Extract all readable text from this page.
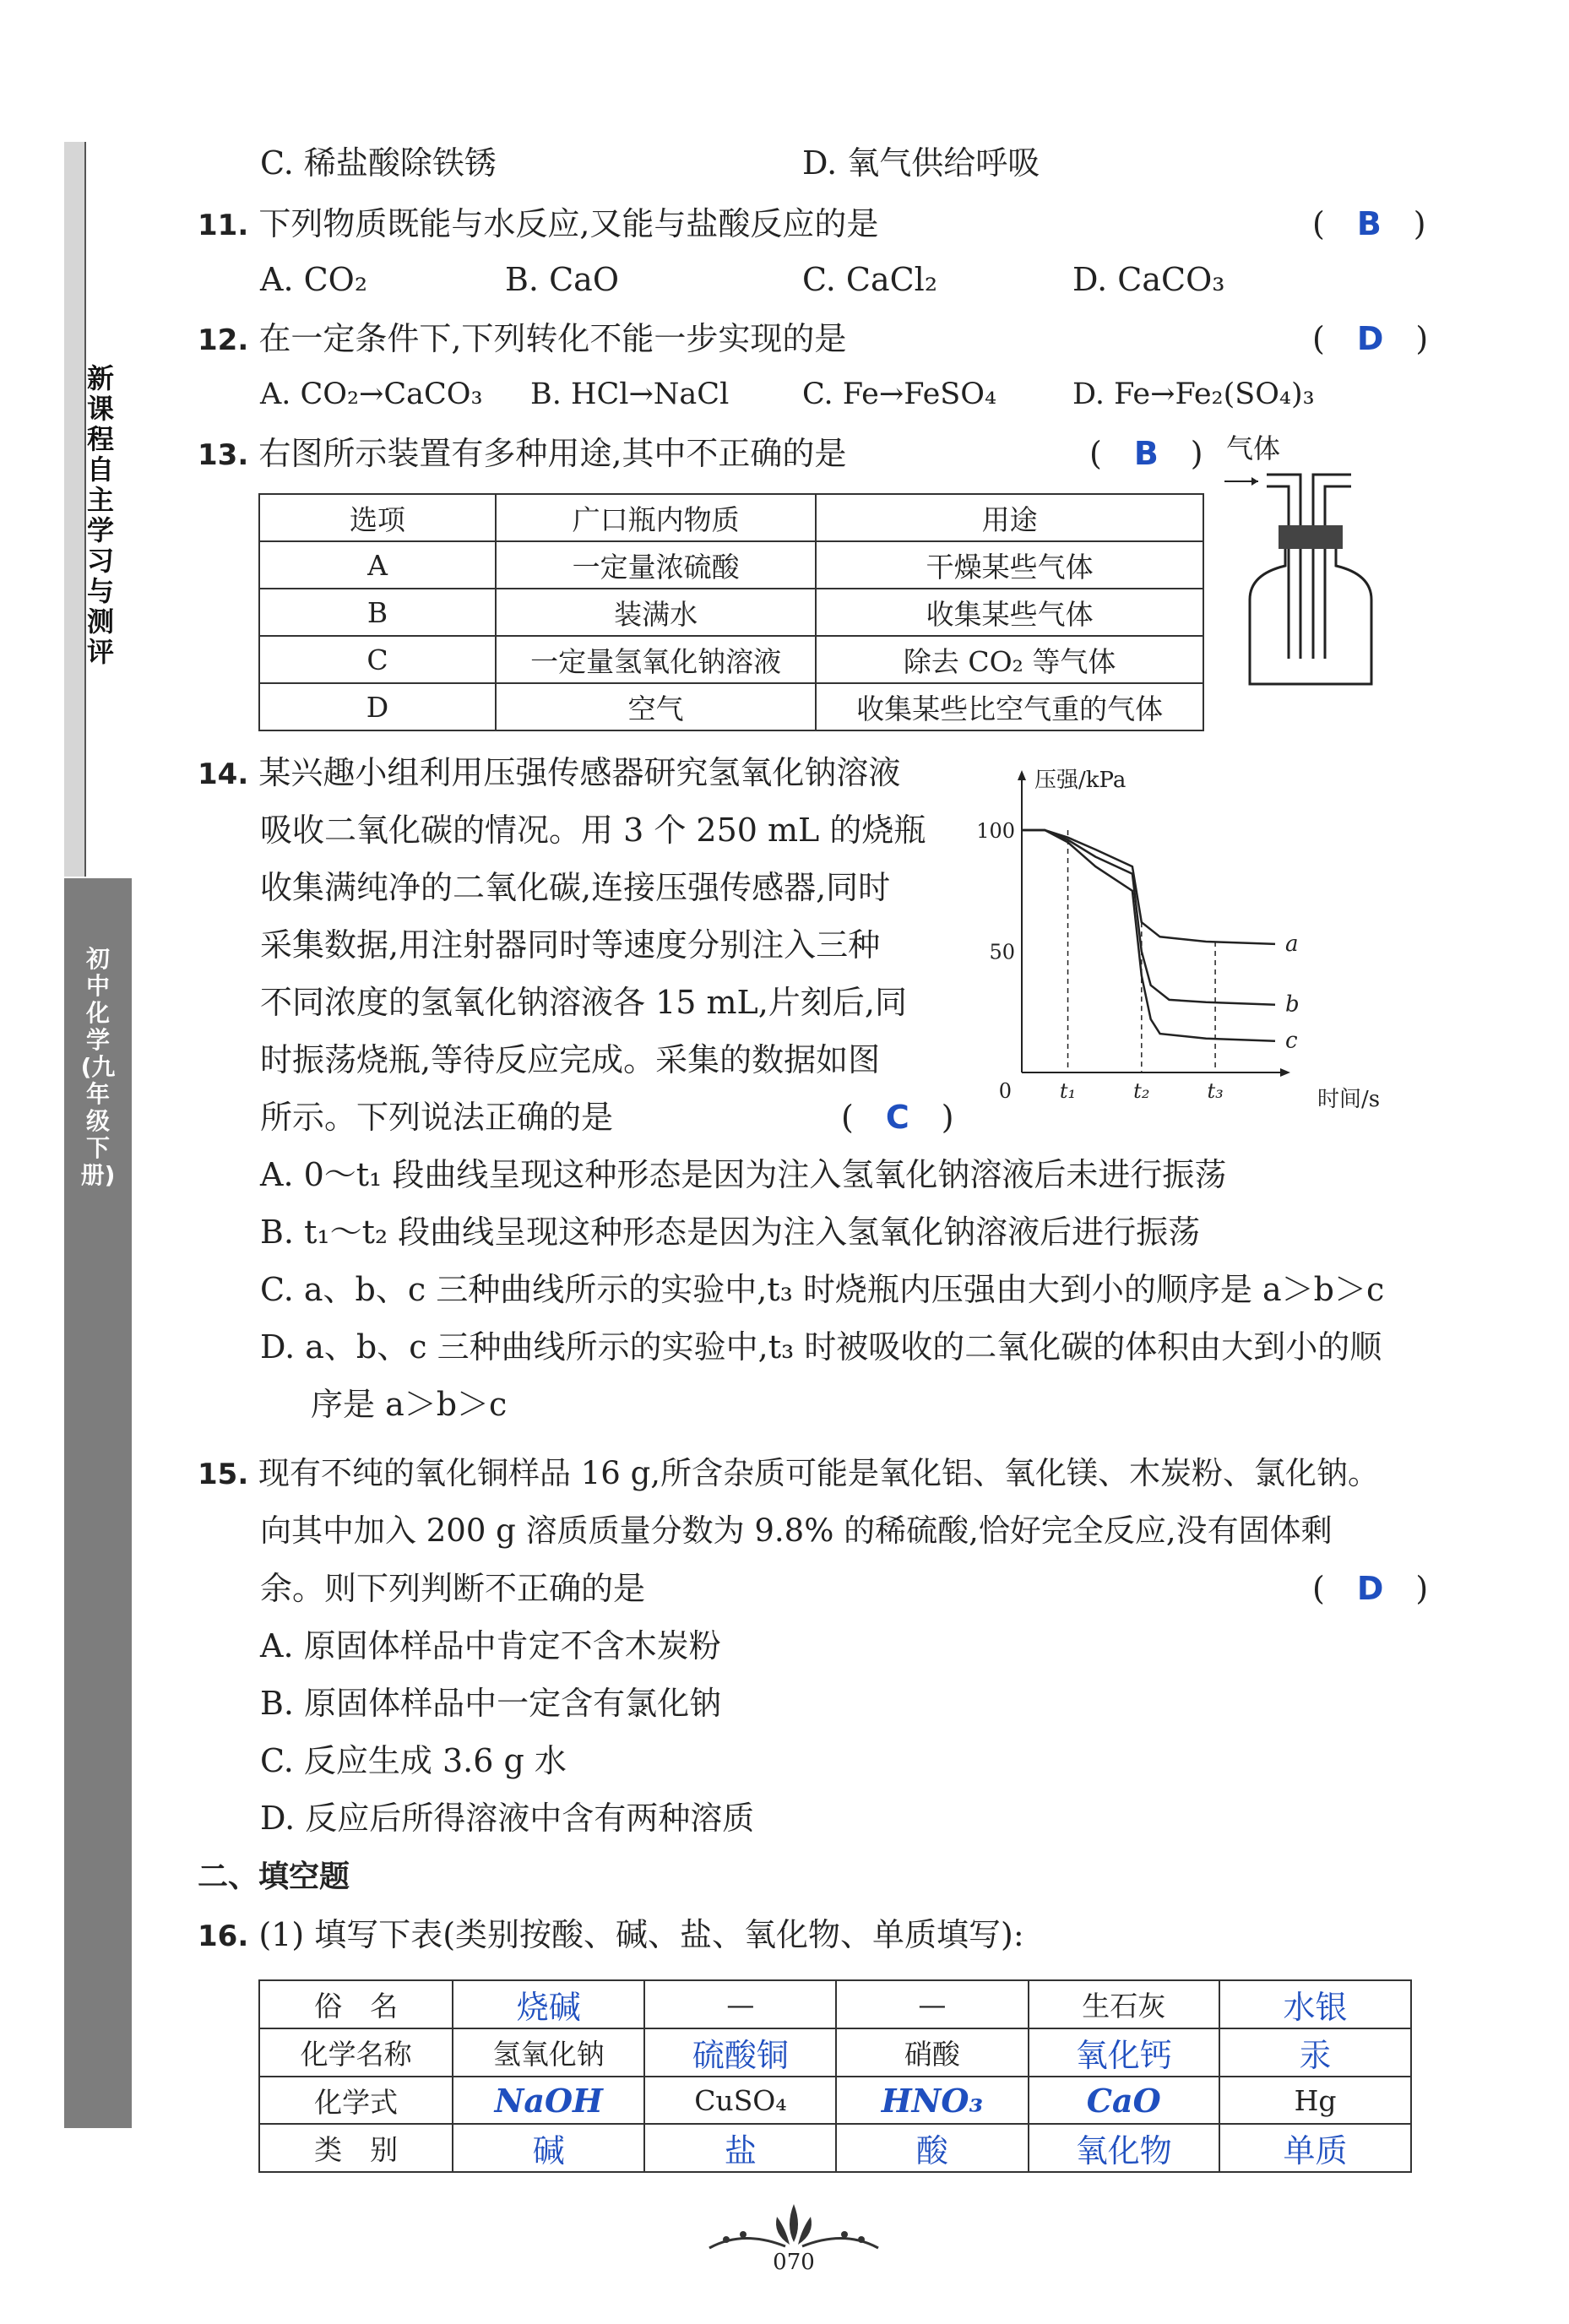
新课程自主学习与测评
初中化学(九年级下册)
C. 稀盐酸除铁锈	D. 氧气供给呼吸
11. 下列物质既能与水反应,又能与盐酸反应的是	(　B　)
A. CO₂	B. CaO	C. CaCl₂	D. CaCO₃
12. 在一定条件下,下列转化不能一步实现的是	(　D　)
A. CO₂→CaCO₃ B. HCl→NaCl C. Fe→FeSO₄	D. Fe→Fe₂(SO₄)₃
13. 右图所示装置有多种用途,其中不正确的是	(　B　) 气体
选项	广口瓶内物质	用途
A	一定量浓硫酸	干燥某些气体
B	装满水	收集某些气体
C	一定量氢氧化钠溶液	除去 CO₂ 等气体
D	空气	收集某些比空气重的气体
14. 某兴趣小组利用压强传感器研究氢氧化钠溶液
吸收二氧化碳的情况。用 3 个 250 mL 的烧瓶
收集满纯净的二氧化碳,连接压强传感器,同时
采集数据,用注射器同时等速度分别注入三种
不同浓度的氢氧化钠溶液各 15 mL,片刻后,同
时振荡烧瓶,等待反应完成。采集的数据如图
所示。下列说法正确的是	(　C　)
压强/kPa
时间/s
100
50
0 t₁	t₂	t₃
a
b
c
A. 0～t₁ 段曲线呈现这种形态是因为注入氢氧化钠溶液后未进行振荡
B. t₁～t₂ 段曲线呈现这种形态是因为注入氢氧化钠溶液后进行振荡
C. a、b、c 三种曲线所示的实验中,t₃ 时烧瓶内压强由大到小的顺序是 a＞b＞c
D. a、b、c 三种曲线所示的实验中,t₃ 时被吸收的二氧化碳的体积由大到小的顺
序是 a＞b＞c
15. 现有不纯的氧化铜样品 16 g,所含杂质可能是氧化铝、氧化镁、木炭粉、氯化钠。
向其中加入 200 g 溶质质量分数为 9.8% 的稀硫酸,恰好完全反应,没有固体剩
余。则下列判断不正确的是	(　D　)
A. 原固体样品中肯定不含木炭粉
B. 原固体样品中一定含有氯化钠
C. 反应生成 3.6 g 水
D. 反应后所得溶液中含有两种溶质
二、填空题
16. (1) 填写下表(类别按酸、碱、盐、氧化物、单质填写):
俗　名	烧碱	—	—	生石灰	水银
化学名称	氢氧化钠	硫酸铜	硝酸	氧化钙	汞
化学式	NaOH	CuSO₄	HNO₃	CaO	Hg
类　别	碱	盐	酸	氧化物	单质
070
